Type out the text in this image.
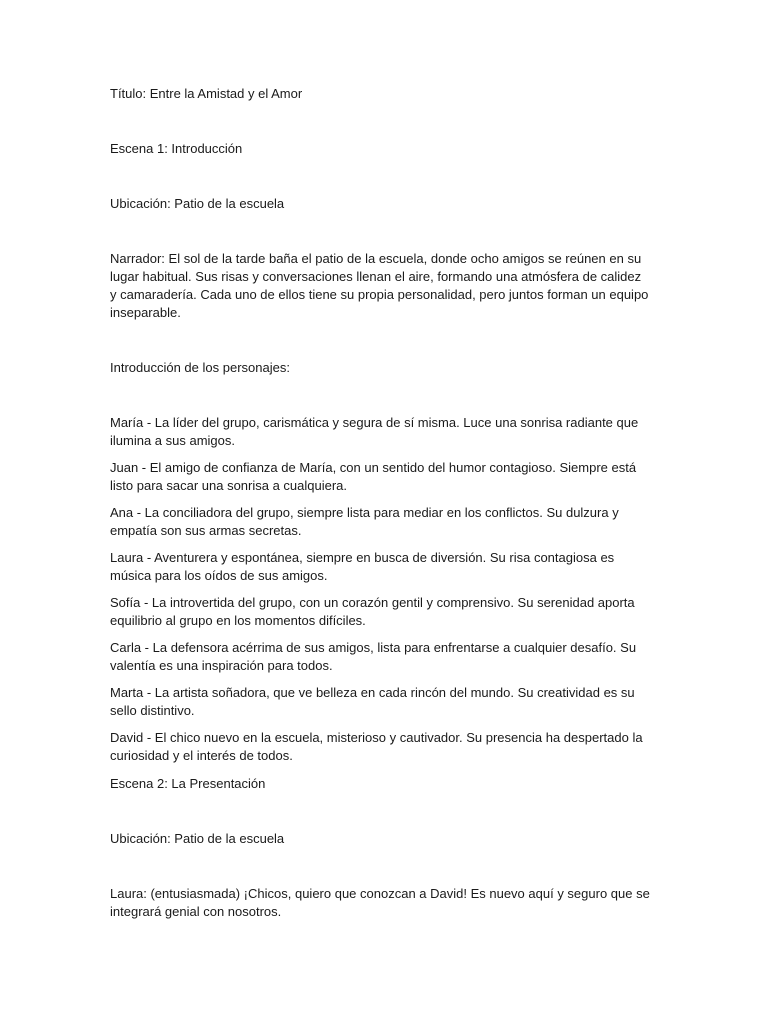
Título: Entre la Amistad y el Amor

Escena 1: Introducción

Ubicación: Patio de la escuela

Narrador: El sol de la tarde baña el patio de la escuela, donde ocho amigos se reúnen en su lugar habitual. Sus risas y conversaciones llenan el aire, formando una atmósfera de calidez y camaradería. Cada uno de ellos tiene su propia personalidad, pero juntos forman un equipo inseparable.

Introducción de los personajes:

María - La líder del grupo, carismática y segura de sí misma. Luce una sonrisa radiante que ilumina a sus amigos.

Juan - El amigo de confianza de María, con un sentido del humor contagioso. Siempre está listo para sacar una sonrisa a cualquiera.

Ana - La conciliadora del grupo, siempre lista para mediar en los conflictos. Su dulzura y empatía son sus armas secretas.

Laura - Aventurera y espontánea, siempre en busca de diversión. Su risa contagiosa es música para los oídos de sus amigos.

Sofía - La introvertida del grupo, con un corazón gentil y comprensivo. Su serenidad aporta equilibrio al grupo en los momentos difíciles.

Carla - La defensora acérrima de sus amigos, lista para enfrentarse a cualquier desafío. Su valentía es una inspiración para todos.

Marta - La artista soñadora, que ve belleza en cada rincón del mundo. Su creatividad es su sello distintivo.

David - El chico nuevo en la escuela, misterioso y cautivador. Su presencia ha despertado la curiosidad y el interés de todos.

Escena 2: La Presentación

Ubicación: Patio de la escuela

Laura: (entusiasmada) ¡Chicos, quiero que conozcan a David! Es nuevo aquí y seguro que se integrará genial con nosotros.
